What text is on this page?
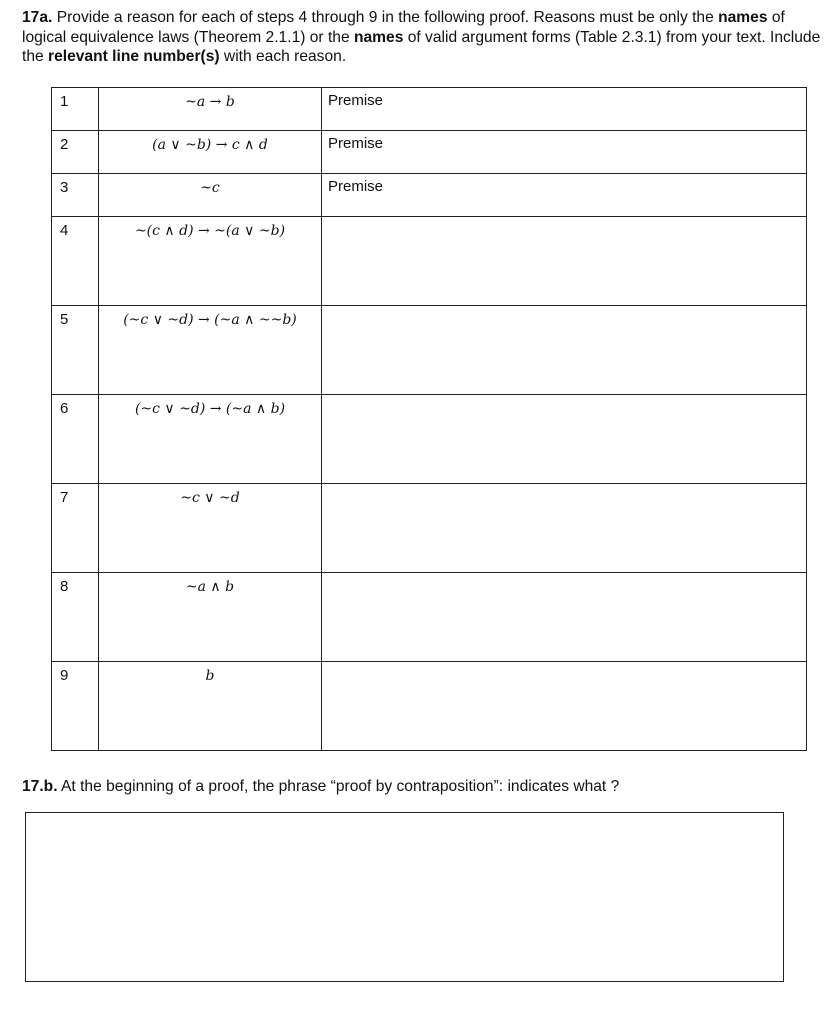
17a. Provide a reason for each of steps 4 through 9 in the following proof. Reasons must be only the names of logical equivalence laws (Theorem 2.1.1) or the names of valid argument forms (Table 2.3.1) from your text. Include the relevant line number(s) with each reason.

1	~a → b	Premise
2	(a ∨ ~b) → c ∧ d	Premise
3	~c	Premise
4	~(c ∧ d) → ~(a ∨ ~b)	
5	(~c ∨ ~d) → (~a ∧ ~~b)	
6	(~c ∨ ~d) → (~a ∧ b)	
7	~c ∨ ~d	
8	~a ∧ b	
9	b	

17.b. At the beginning of a proof, the phrase “proof by contraposition”: indicates what ?
